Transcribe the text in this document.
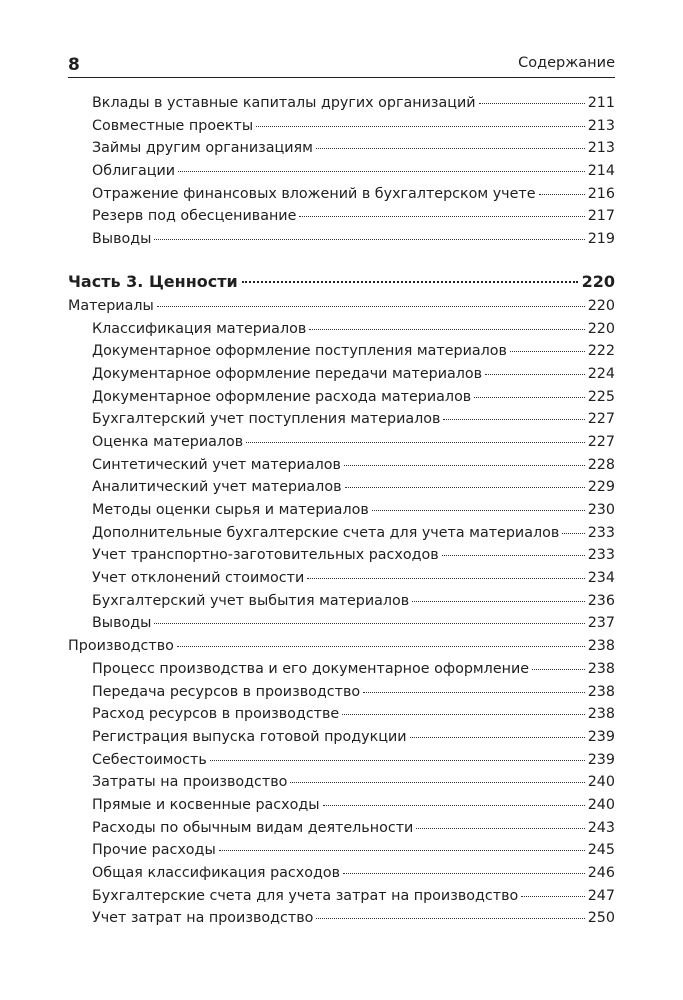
8	Содержание
Вклады в уставные капиталы других организаций	211
Совместные проекты	213
Займы другим организациям	213
Облигации	214
Отражение финансовых вложений в бухгалтерском учете	216
Резерв под обесценивание	217
Выводы	219
Часть 3. Ценности	220
Материалы	220
Классификация материалов	220
Документарное оформление поступления материалов	222
Документарное оформление передачи материалов	224
Документарное оформление расхода материалов	225
Бухгалтерский учет поступления материалов	227
Оценка материалов	227
Синтетический учет материалов	228
Аналитический учет материалов	229
Методы оценки сырья и материалов	230
Дополнительные бухгалтерские счета для учета материалов 233
Учет транспортно-заготовительных расходов	233
Учет отклонений стоимости	234
Бухгалтерский учет выбытия материалов	236
Выводы	237
Производство	238
Процесс производства и его документарное оформление	238
Передача ресурсов в производство	238
Расход ресурсов в производстве	238
Регистрация выпуска готовой продукции	239
Себестоимость	239
Затраты на производство	240
Прямые и косвенные расходы	240
Расходы по обычным видам деятельности	243
Прочие расходы	245
Общая классификация расходов	246
Бухгалтерские счета для учета затрат на производство	247
Учет затрат на производство	250
